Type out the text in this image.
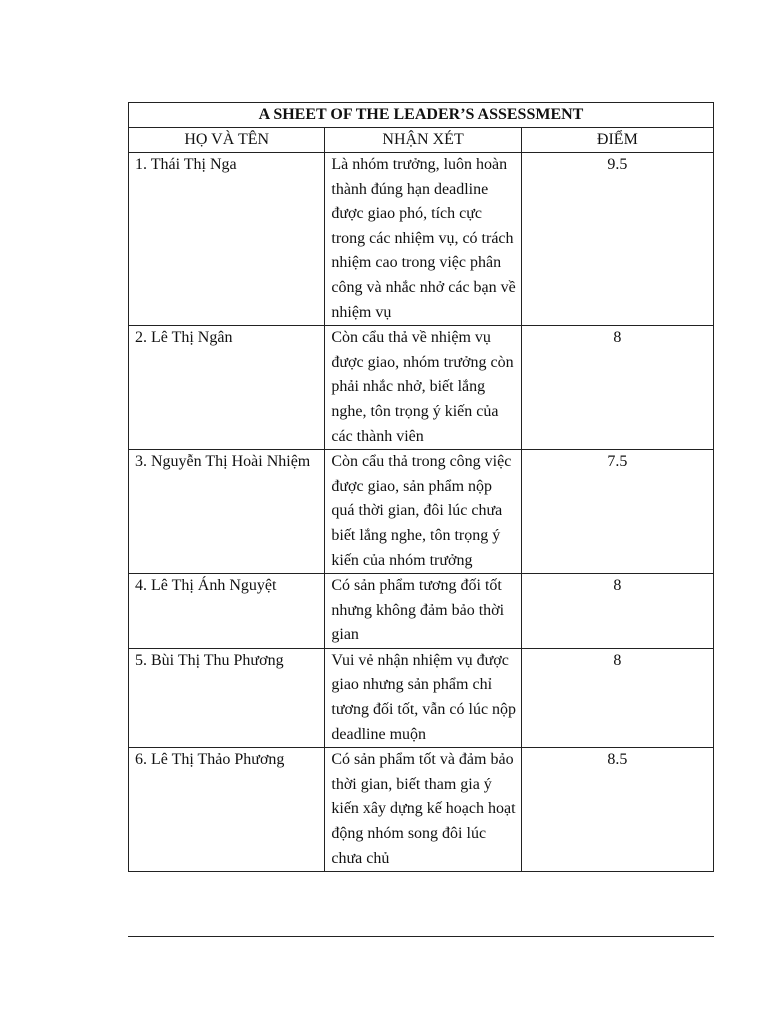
A SHEET OF THE LEADER’S ASSESSMENT		
HỌ VÀ TÊN	NHẬN XÉT	ĐIỂM
1. Thái Thị Nga	Là nhóm trưởng, luôn hoàn thành đúng hạn deadline được giao phó, tích cực trong các nhiệm vụ, có trách nhiệm cao trong việc phân công và nhắc nhở các bạn về nhiệm vụ	9.5
2. Lê Thị Ngân	Còn cẩu thả về nhiệm vụ được giao, nhóm trưởng còn phải nhắc nhở, biết lắng nghe, tôn trọng ý kiến của các thành viên	8
3. Nguyễn Thị Hoài Nhiệm	Còn cẩu thả trong công việc được giao, sản phẩm nộp quá thời gian, đôi lúc chưa biết lắng nghe, tôn trọng ý kiến của nhóm trưởng	7.5
4. Lê Thị Ánh Nguyệt	Có sản phẩm tương đối tốt nhưng không đảm bảo thời gian	8
5. Bùi Thị Thu Phương	Vui vẻ nhận nhiệm vụ được giao nhưng sản phẩm chỉ tương đối tốt, vẫn có lúc nộp deadline muộn	8
6. Lê Thị Thảo Phương	Có sản phẩm tốt và đảm bảo thời gian, biết tham gia ý kiến xây dựng kế hoạch hoạt động nhóm song đôi lúc chưa chủ	8.5
